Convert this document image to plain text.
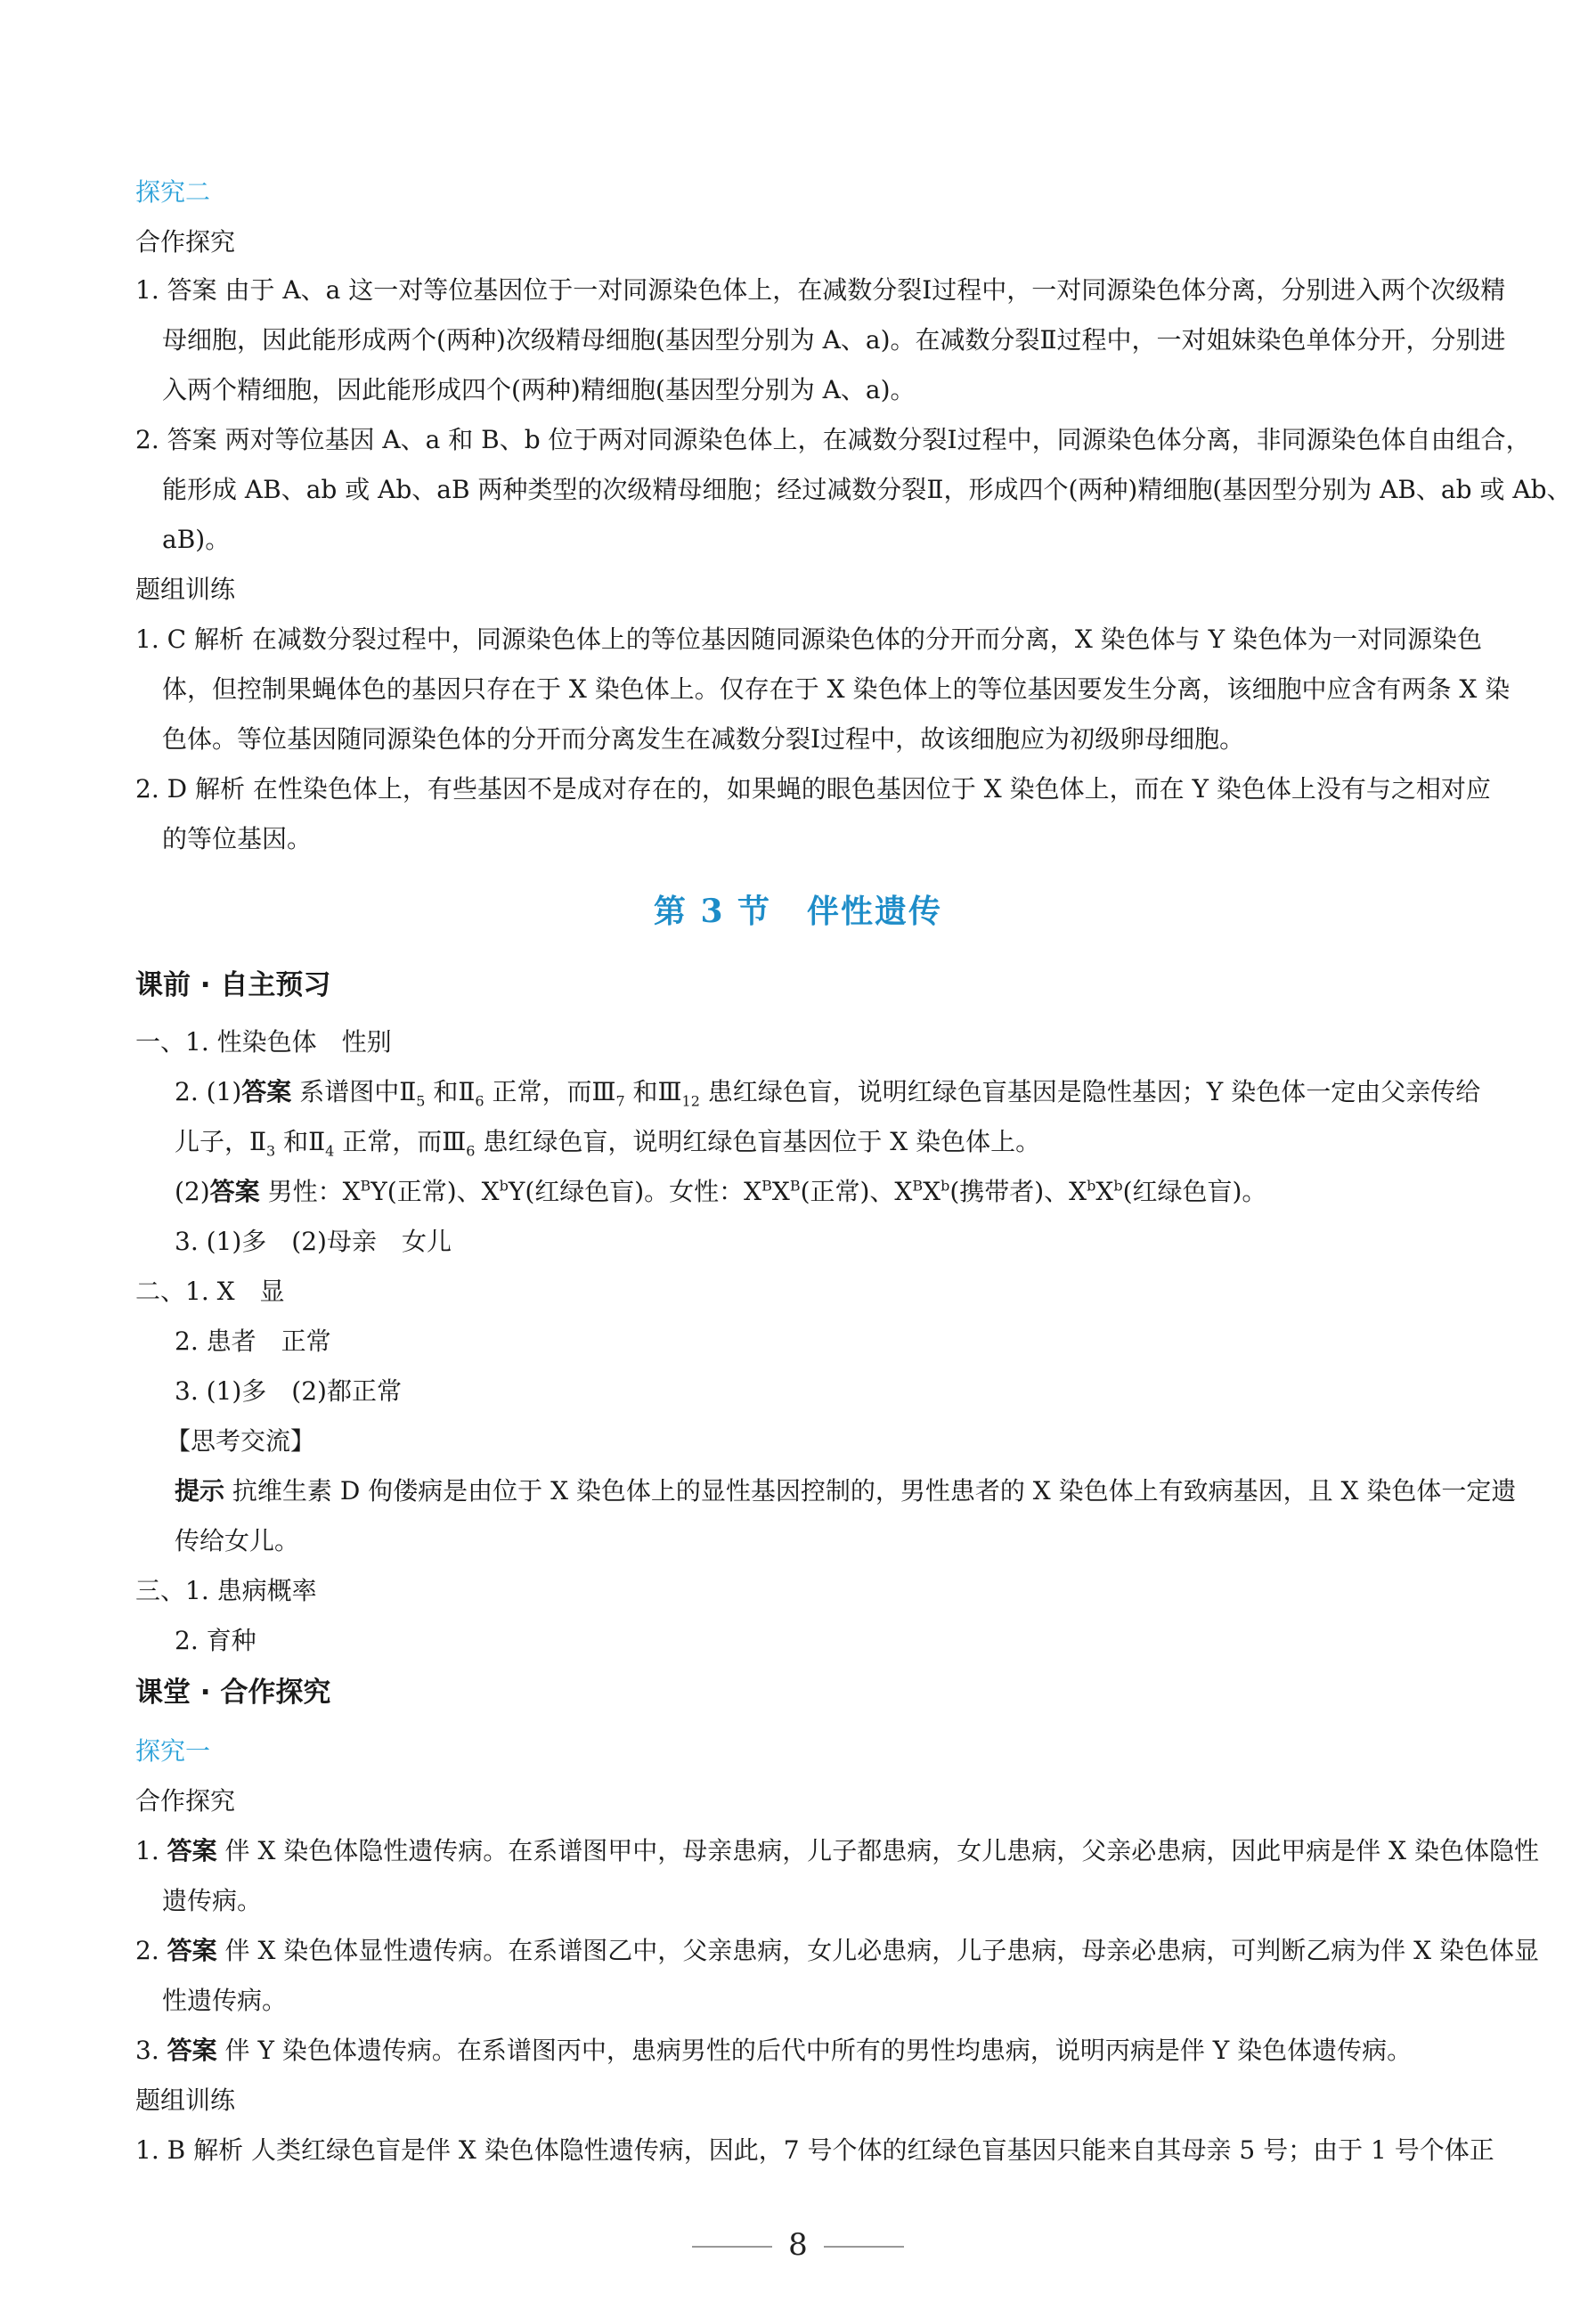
探究二
合作探究
1. 答案 由于 A、a 这一对等位基因位于一对同源染色体上，在减数分裂Ⅰ过程中，一对同源染色体分离，分别进入两个次级精
母细胞，因此能形成两个(两种)次级精母细胞(基因型分别为 A、a)。在减数分裂Ⅱ过程中，一对姐妹染色单体分开，分别进
入两个精细胞，因此能形成四个(两种)精细胞(基因型分别为 A、a)。
2. 答案 两对等位基因 A、a 和 B、b 位于两对同源染色体上，在减数分裂Ⅰ过程中，同源染色体分离，非同源染色体自由组合，
能形成 AB、ab 或 Ab、aB 两种类型的次级精母细胞；经过减数分裂Ⅱ，形成四个(两种)精细胞(基因型分别为 AB、ab 或 Ab、
aB)。
题组训练
1. C 解析 在减数分裂过程中，同源染色体上的等位基因随同源染色体的分开而分离，X 染色体与 Y 染色体为一对同源染色
体，但控制果蝇体色的基因只存在于 X 染色体上。仅存在于 X 染色体上的等位基因要发生分离，该细胞中应含有两条 X 染
色体。等位基因随同源染色体的分开而分离发生在减数分裂Ⅰ过程中，故该细胞应为初级卵母细胞。
2. D 解析 在性染色体上，有些基因不是成对存在的，如果蝇的眼色基因位于 X 染色体上，而在 Y 染色体上没有与之相对应
的等位基因。
第 3 节 伴性遗传
课前 · 自主预习
一、1. 性染色体　性别
2. (1)答案 系谱图中$Ⅱ_5$ 和$Ⅱ_6$ 正常，而$Ⅲ_7$ 和$Ⅲ_{12}$ 患红绿色盲，说明红绿色盲基因是隐性基因；Y 染色体一定由父亲传给
儿子，$Ⅱ_3$ 和$Ⅱ_4$ 正常，而$Ⅲ_6$ 患红绿色盲，说明红绿色盲基因位于 X 染色体上。
(2)答案 男性：$X^BY$(正常)、$X^bY$(红绿色盲)。女性：$X^BX^B$(正常)、$X^BX^b$(携带者)、$X^bX^b$(红绿色盲)。
3. (1)多　(2)母亲　女儿
二、1. X　显
2. 患者　正常
3. (1)多　(2)都正常
【思考交流】
提示 抗维生素 D 佝偻病是由位于 X 染色体上的显性基因控制的，男性患者的 X 染色体上有致病基因，且 X 染色体一定遗
传给女儿。
三、1. 患病概率
2. 育种
课堂 · 合作探究
探究一
合作探究
1. 答案 伴 X 染色体隐性遗传病。在系谱图甲中，母亲患病，儿子都患病，女儿患病，父亲必患病，因此甲病是伴 X 染色体隐性
遗传病。
2. 答案 伴 X 染色体显性遗传病。在系谱图乙中，父亲患病，女儿必患病，儿子患病，母亲必患病，可判断乙病为伴 X 染色体显
性遗传病。
3. 答案 伴 Y 染色体遗传病。在系谱图丙中，患病男性的后代中所有的男性均患病，说明丙病是伴 Y 染色体遗传病。
题组训练
1. B 解析 人类红绿色盲是伴 X 染色体隐性遗传病，因此，7 号个体的红绿色盲基因只能来自其母亲 5 号；由于 1 号个体正
8
